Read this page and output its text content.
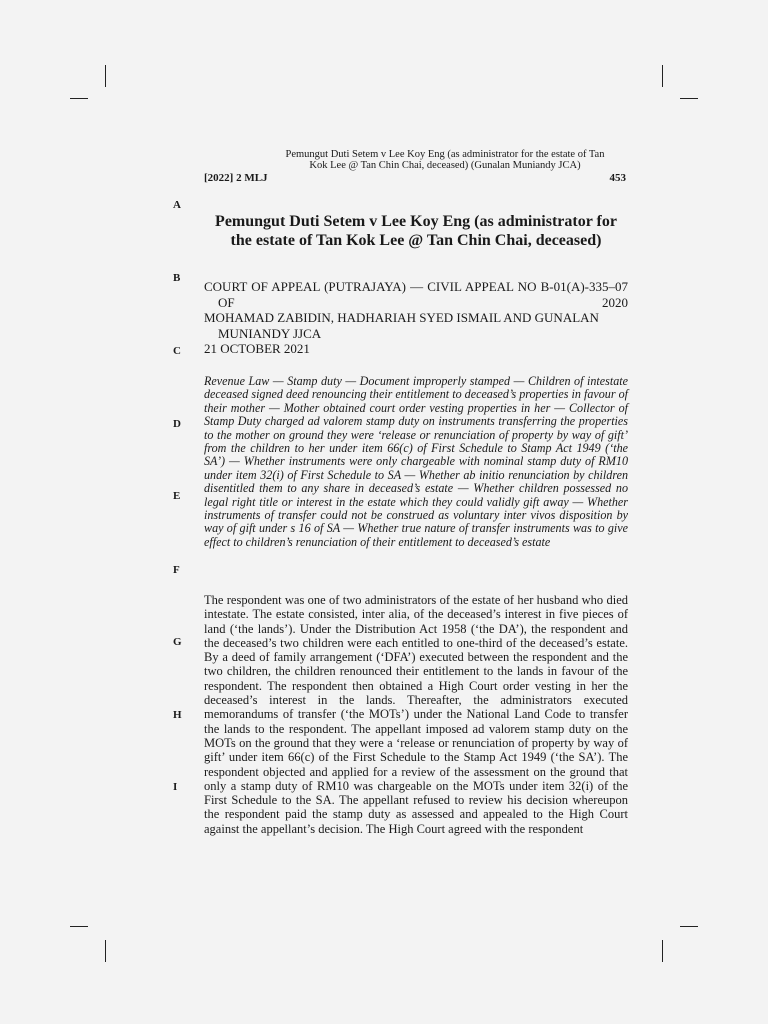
Pemungut Duti Setem v Lee Koy Eng (as administrator for the estate of Tan Kok Lee @ Tan Chin Chai, deceased) (Gunalan Muniandy JCA)
[2022] 2 MLJ	453
A
B
C
D
E
F
G
H
I
Pemungut Duti Setem v Lee Koy Eng (as administrator for the estate of Tan Kok Lee @ Tan Chin Chai, deceased)

COURT OF APPEAL (PUTRAJAYA) — CIVIL APPEAL NO B-01(A)-335–07 OF 2020

MOHAMAD ZABIDIN, HADHARIAH SYED ISMAIL AND GUNALAN MUNIANDY JJCA

21 OCTOBER 2021

Revenue Law — Stamp duty — Document improperly stamped — Children of intestate deceased signed deed renouncing their entitlement to deceased’s properties in favour of their mother — Mother obtained court order vesting properties in her — Collector of Stamp Duty charged ad valorem stamp duty on instruments transferring the properties to the mother on ground they were ‘release or renunciation of property by way of gift’ from the children to her under item 66(c) of First Schedule to Stamp Act 1949 (‘the SA’) — Whether instruments were only chargeable with nominal stamp duty of RM10 under item 32(i) of First Schedule to SA — Whether ab initio renunciation by children disentitled them to any share in deceased’s estate — Whether children possessed no legal right title or interest in the estate which they could validly gift away — Whether instruments of transfer could not be construed as voluntary inter vivos disposition by way of gift under s 16 of SA — Whether true nature of transfer instruments was to give effect to children’s renunciation of their entitlement to deceased’s estate
The respondent was one of two administrators of the estate of her husband who died intestate. The estate consisted, inter alia, of the deceased’s interest in five pieces of land (‘the lands’). Under the Distribution Act 1958 (‘the DA’), the respondent and the deceased’s two children were each entitled to one-third of the deceased’s estate. By a deed of family arrangement (‘DFA’) executed between the respondent and the two children, the children renounced their entitlement to the lands in favour of the respondent. The respondent then obtained a High Court order vesting in her the deceased’s interest in the lands. Thereafter, the administrators executed memorandums of transfer (‘the MOTs’) under the National Land Code to transfer the lands to the respondent. The appellant imposed ad valorem stamp duty on the MOTs on the ground that they were a ‘release or renunciation of property by way of gift’ under item 66(c) of the First Schedule to the Stamp Act 1949 (‘the SA’). The respondent objected and applied for a review of the assessment on the ground that only a stamp duty of RM10 was chargeable on the MOTs under item 32(i) of the First Schedule to the SA. The appellant refused to review his decision whereupon the respondent paid the stamp duty as assessed and appealed to the High Court against the appellant’s decision. The High Court agreed with the respondent
